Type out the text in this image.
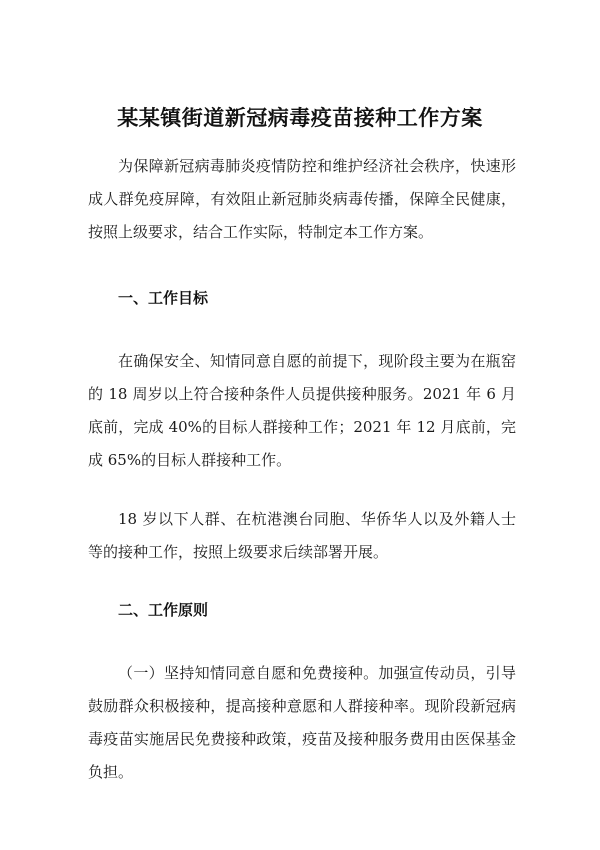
某某镇街道新冠病毒疫苗接种工作方案

为保障新冠病毒肺炎疫情防控和维护经济社会秩序，快速形成人群免疫屏障，有效阻止新冠肺炎病毒传播，保障全民健康，按照上级要求，结合工作实际，特制定本工作方案。

一、工作目标

在确保安全、知情同意自愿的前提下，现阶段主要为在瓶窑的 18 周岁以上符合接种条件人员提供接种服务。2021 年 6 月底前，完成 40%的目标人群接种工作；2021 年 12 月底前，完成 65%的目标人群接种工作。

18 岁以下人群、在杭港澳台同胞、华侨华人以及外籍人士等的接种工作，按照上级要求后续部署开展。

二、工作原则

（一）坚持知情同意自愿和免费接种。加强宣传动员，引导鼓励群众积极接种，提高接种意愿和人群接种率。现阶段新冠病毒疫苗实施居民免费接种政策，疫苗及接种服务费用由医保基金负担。
